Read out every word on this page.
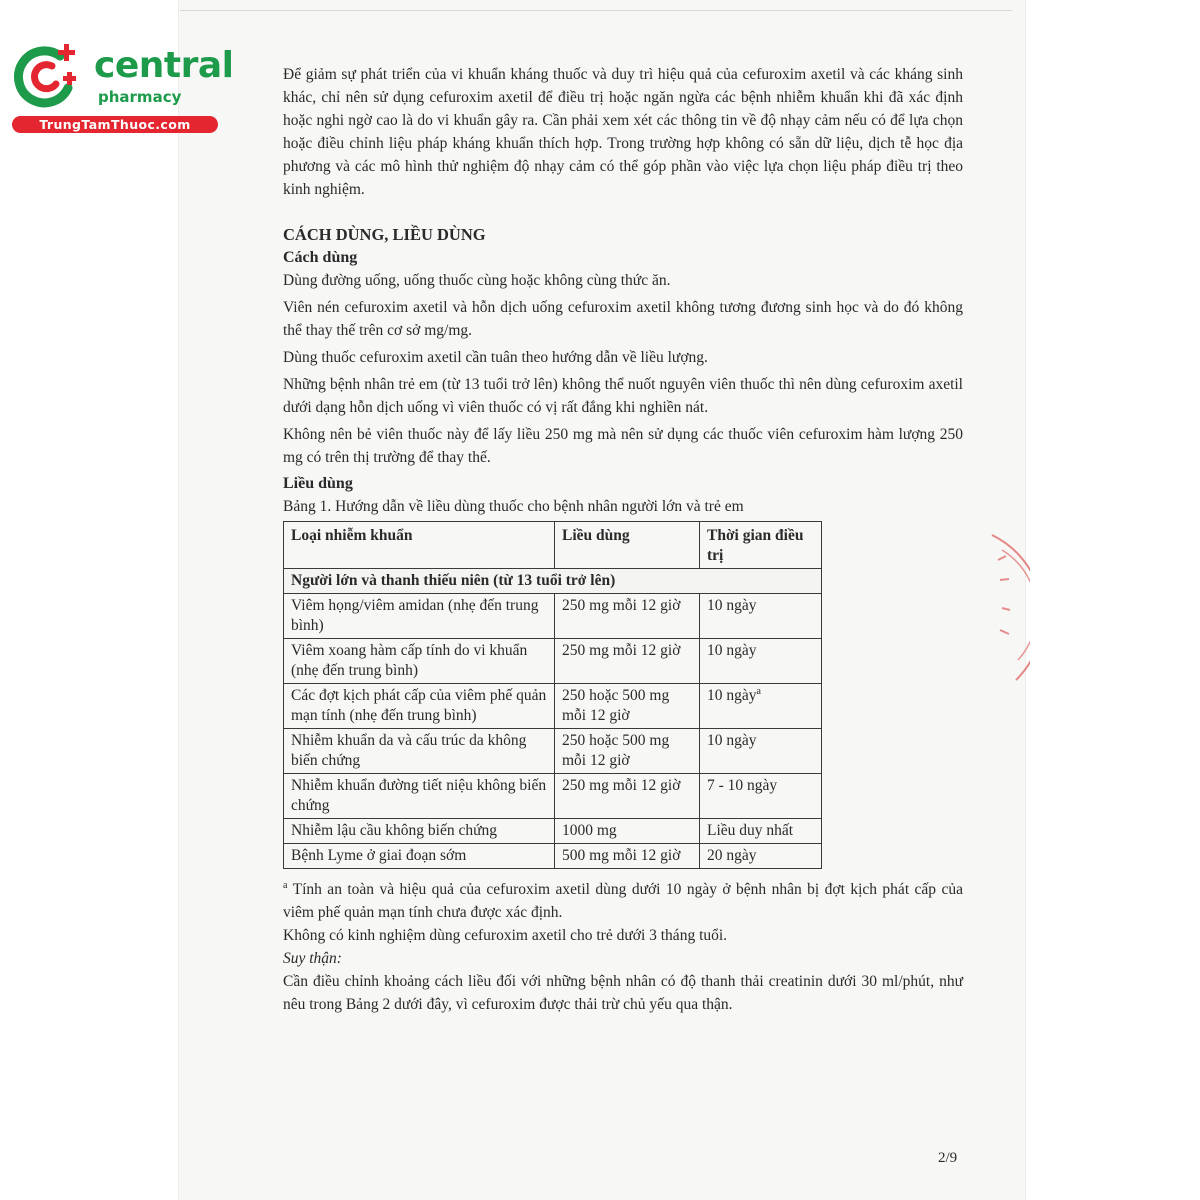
central
pharmacy
TrungTamThuoc.com

Để giảm sự phát triển của vi khuẩn kháng thuốc và duy trì hiệu quả của cefuroxim axetil và các kháng sinh khác, chỉ nên sử dụng cefuroxim axetil để điều trị hoặc ngăn ngừa các bệnh nhiễm khuẩn khi đã xác định hoặc nghi ngờ cao là do vi khuẩn gây ra. Cần phải xem xét các thông tin về độ nhạy cảm nếu có để lựa chọn hoặc điều chỉnh liệu pháp kháng khuẩn thích hợp. Trong trường hợp không có sẵn dữ liệu, dịch tễ học địa phương và các mô hình thử nghiệm độ nhạy cảm có thể góp phần vào việc lựa chọn liệu pháp điều trị theo kinh nghiệm.

CÁCH DÙNG, LIỀU DÙNG
Cách dùng

Dùng đường uống, uống thuốc cùng hoặc không cùng thức ăn.

Viên nén cefuroxim axetil và hỗn dịch uống cefuroxim axetil không tương đương sinh học và do đó không thể thay thế trên cơ sở mg/mg.

Dùng thuốc cefuroxim axetil cần tuân theo hướng dẫn về liều lượng.

Những bệnh nhân trẻ em (từ 13 tuổi trở lên) không thể nuốt nguyên viên thuốc thì nên dùng cefuroxim axetil dưới dạng hỗn dịch uống vì viên thuốc có vị rất đắng khi nghiền nát.

Không nên bẻ viên thuốc này để lấy liều 250 mg mà nên sử dụng các thuốc viên cefuroxim hàm lượng 250 mg có trên thị trường để thay thế.

Liều dùng
Bảng 1. Hướng dẫn về liều dùng thuốc cho bệnh nhân người lớn và trẻ em
Loại nhiễm khuẩn	Liều dùng	Thời gian điều trị
Người lớn và thanh thiếu niên (từ 13 tuổi trở lên)		
Viêm họng/viêm amidan (nhẹ đến trung bình)	250 mg mỗi 12 giờ	10 ngày
Viêm xoang hàm cấp tính do vi khuẩn (nhẹ đến trung bình)	250 mg mỗi 12 giờ	10 ngày
Các đợt kịch phát cấp của viêm phế quản mạn tính (nhẹ đến trung bình)	250 hoặc 500 mg mỗi 12 giờ	10 ngày$^a$
Nhiễm khuẩn da và cấu trúc da không biến chứng	250 hoặc 500 mg mỗi 12 giờ	10 ngày
Nhiễm khuẩn đường tiết niệu không biến chứng	250 mg mỗi 12 giờ	7 - 10 ngày
Nhiễm lậu cầu không biến chứng	1000 mg	Liều duy nhất
Bệnh Lyme ở giai đoạn sớm	500 mg mỗi 12 giờ	20 ngày

$^a$ Tính an toàn và hiệu quả của cefuroxim axetil dùng dưới 10 ngày ở bệnh nhân bị đợt kịch phát cấp của viêm phế quản mạn tính chưa được xác định.

Không có kinh nghiệm dùng cefuroxim axetil cho trẻ dưới 3 tháng tuổi.

Suy thận:

Cần điều chỉnh khoảng cách liều đối với những bệnh nhân có độ thanh thải creatinin dưới 30 ml/phút, như nêu trong Bảng 2 dưới đây, vì cefuroxim được thải trừ chủ yếu qua thận.

2/9
